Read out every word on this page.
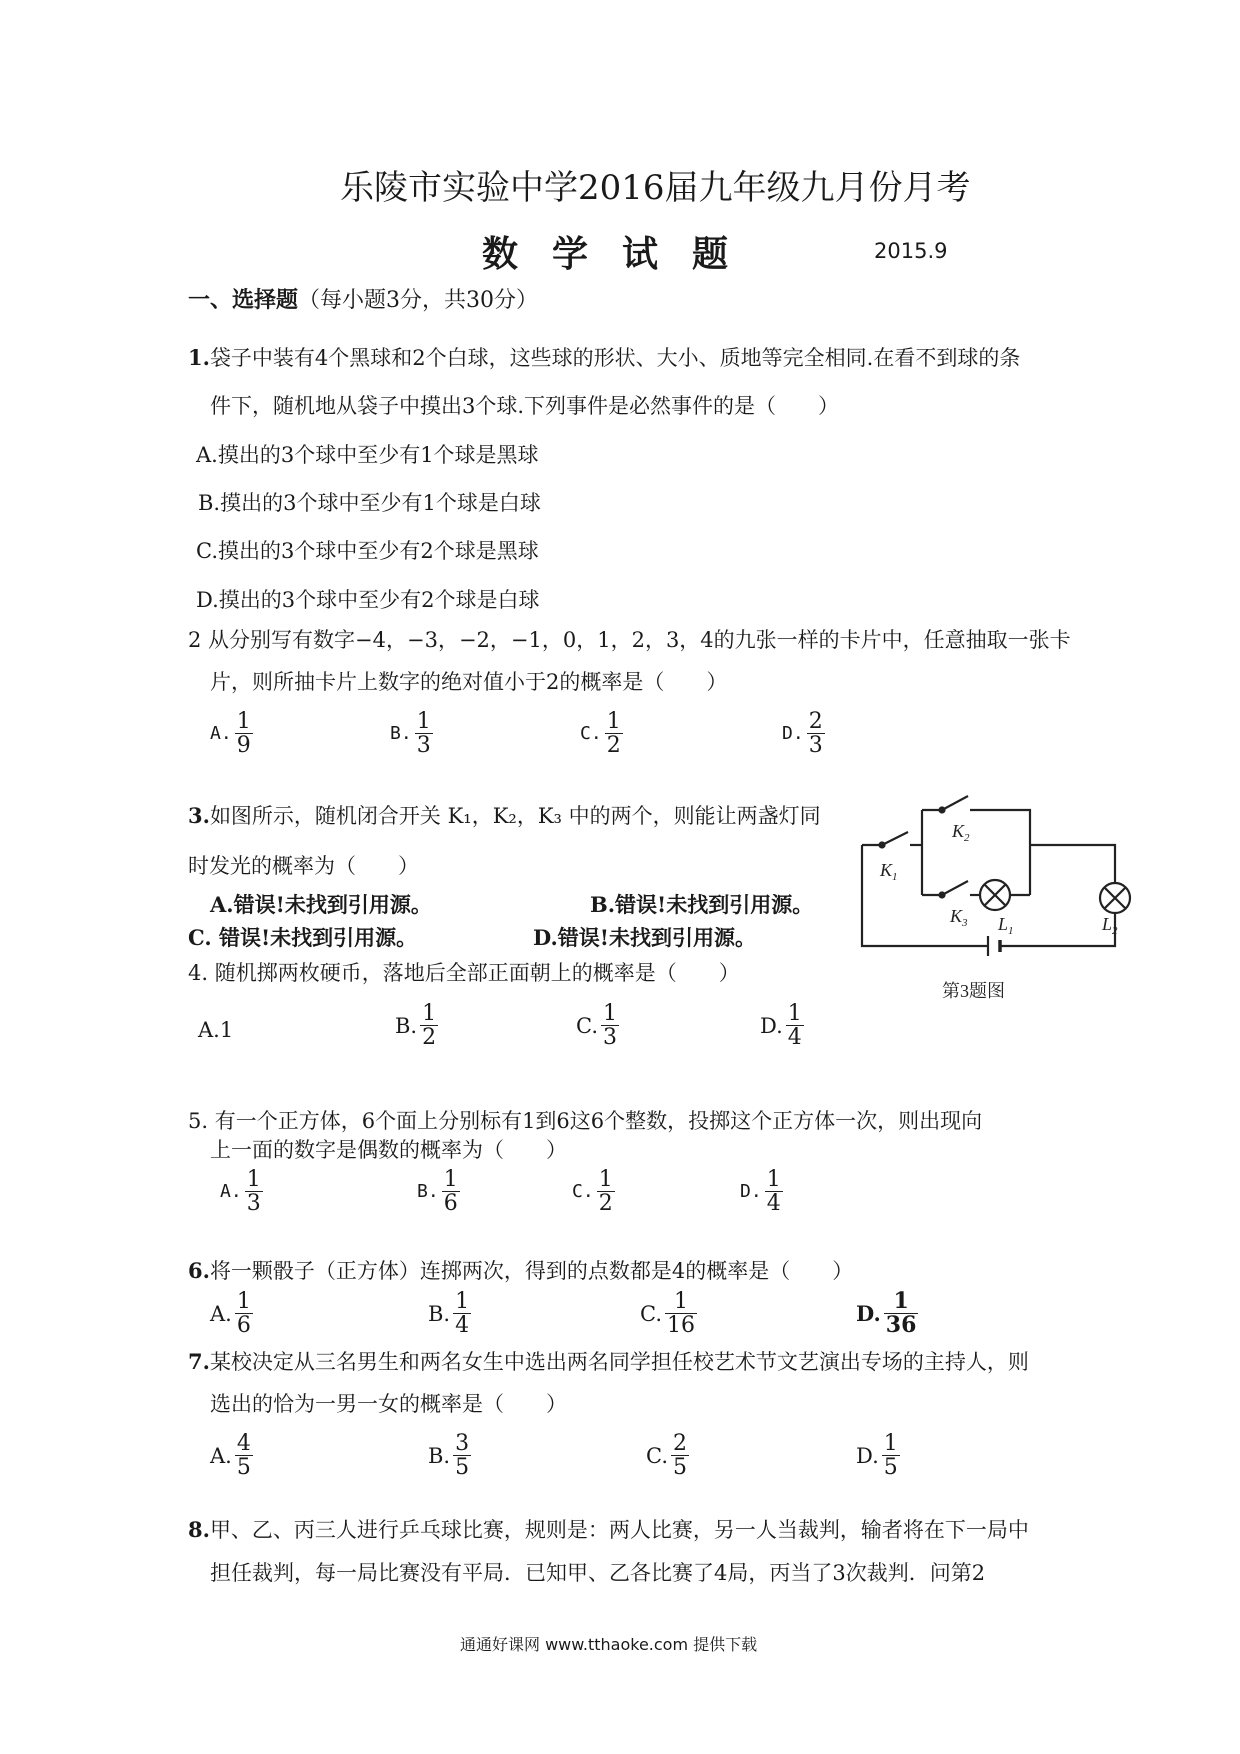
乐陵市实验中学2016届九年级九月份月考
数学试题	2015.9
一、选择题（每小题3分，共30分）
1.袋子中装有4个黑球和2个白球，这些球的形状、大小、质地等完全相同.在看不到球的条
件下，随机地从袋子中摸出3个球.下列事件是必然事件的是（　　）
A.摸出的3个球中至少有1个球是黑球
B.摸出的3个球中至少有1个球是白球
C.摸出的3个球中至少有2个球是黑球
D.摸出的3个球中至少有2个球是白球
2 从分别写有数字−4，−3，−2，−1，0，1，2，3，4的九张一样的卡片中，任意抽取一张卡
片，则所抽卡片上数字的绝对值小于2的概率是（　　）
A. $\frac{1}{9}$	B. $\frac{1}{3}$	C. $\frac{1}{2}$	D. $\frac{2}{3}$
3.如图所示，随机闭合开关 K₁，K₂，K₃ 中的两个，则能让两盏灯同
时发光的概率为（　　）
A.错误!未找到引用源。	B.错误!未找到引用源。
C. 错误!未找到引用源。	D.错误!未找到引用源。
$K_1$
$K_2$
$K_3$ $L_1$	$L_2$
第3题图
4. 随机掷两枚硬币，落地后全部正面朝上的概率是（　　）
A.1	B. $\frac{1}{2}$	C. $\frac{1}{3}$	D. $\frac{1}{4}$
5. 有一个正方体，6个面上分别标有1到6这6个整数，投掷这个正方体一次，则出现向
上一面的数字是偶数的概率为（　　）
A. $\frac{1}{3}$	B. $\frac{1}{6}$	C. $\frac{1}{2}$	D. $\frac{1}{4}$
6.将一颗骰子（正方体）连掷两次，得到的点数都是4的概率是（　　）
A. $\frac{1}{6}$	B. $\frac{1}{4}$	C. $\frac{1}{16}$	D. $\frac{1}{36}$
7.某校决定从三名男生和两名女生中选出两名同学担任校艺术节文艺演出专场的主持人，则
选出的恰为一男一女的概率是（　　）
A. $\frac{4}{5}$	B. $\frac{3}{5}$	C. $\frac{2}{5}$	D. $\frac{1}{5}$
8.甲、乙、丙三人进行乒乓球比赛，规则是：两人比赛，另一人当裁判，输者将在下一局中
担任裁判，每一局比赛没有平局．已知甲、乙各比赛了4局，丙当了3次裁判．问第2
通通好课网 www.tthaoke.com 提供下载
